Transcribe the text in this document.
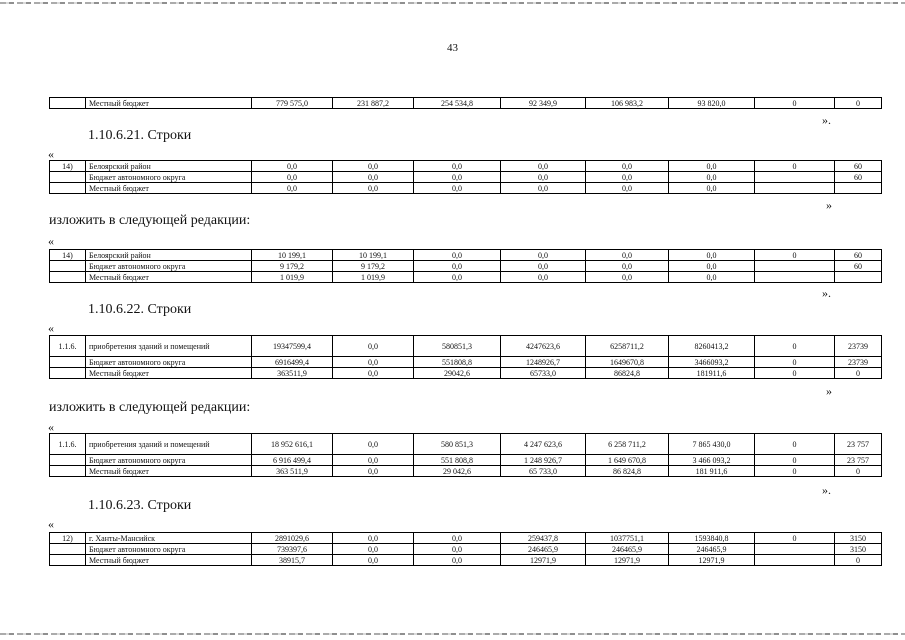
43
	Местный бюджет	779 575,0	231 887,2	254 534,8	92 349,9	106 983,2	93 820,0	0	0
».
1.10.6.21. Строки
«
14)	Белоярский район	0,0	0,0	0,0	0,0	0,0	0,0	0	60
	Бюджет автономного округа	0,0	0,0	0,0	0,0	0,0	0,0		60
	Местный бюджет	0,0	0,0	0,0	0,0	0,0	0,0		
»
изложить в следующей редакции:
«
14)	Белоярский район	10 199,1	10 199,1	0,0	0,0	0,0	0,0	0	60
	Бюджет автономного округа	9 179,2	9 179,2	0,0	0,0	0,0	0,0		60
	Местный бюджет	1 019,9	1 019,9	0,0	0,0	0,0	0,0		
».
1.10.6.22. Строки
«
1.1.6.	приобретения зданий и помещений	19347599,4	0,0	580851,3	4247623,6	6258711,2	8260413,2	0	23739
	Бюджет автономного округа	6916499,4	0,0	551808,8	1248926,7	1649670,8	3466093,2	0	23739
	Местный бюджет	363511,9	0,0	29042,6	65733,0	86824,8	181911,6	0	0
»
изложить в следующей редакции:
«
1.1.6.	приобретения зданий и помещений	18 952 616,1	0,0	580 851,3	4 247 623,6	6 258 711,2	7 865 430,0	0	23 757
	Бюджет автономного округа	6 916 499,4	0,0	551 808,8	1 248 926,7	1 649 670,8	3 466 093,2	0	23 757
	Местный бюджет	363 511,9	0,0	29 042,6	65 733,0	86 824,8	181 911,6	0	0
».
1.10.6.23. Строки
«
12)	г. Ханты-Мансийск	2891029,6	0,0	0,0	259437,8	1037751,1	1593840,8	0	3150
	Бюджет автономного округа	739397,6	0,0	0,0	246465,9	246465,9	246465,9		3150
	Местный бюджет	38915,7	0,0	0,0	12971,9	12971,9	12971,9		0
